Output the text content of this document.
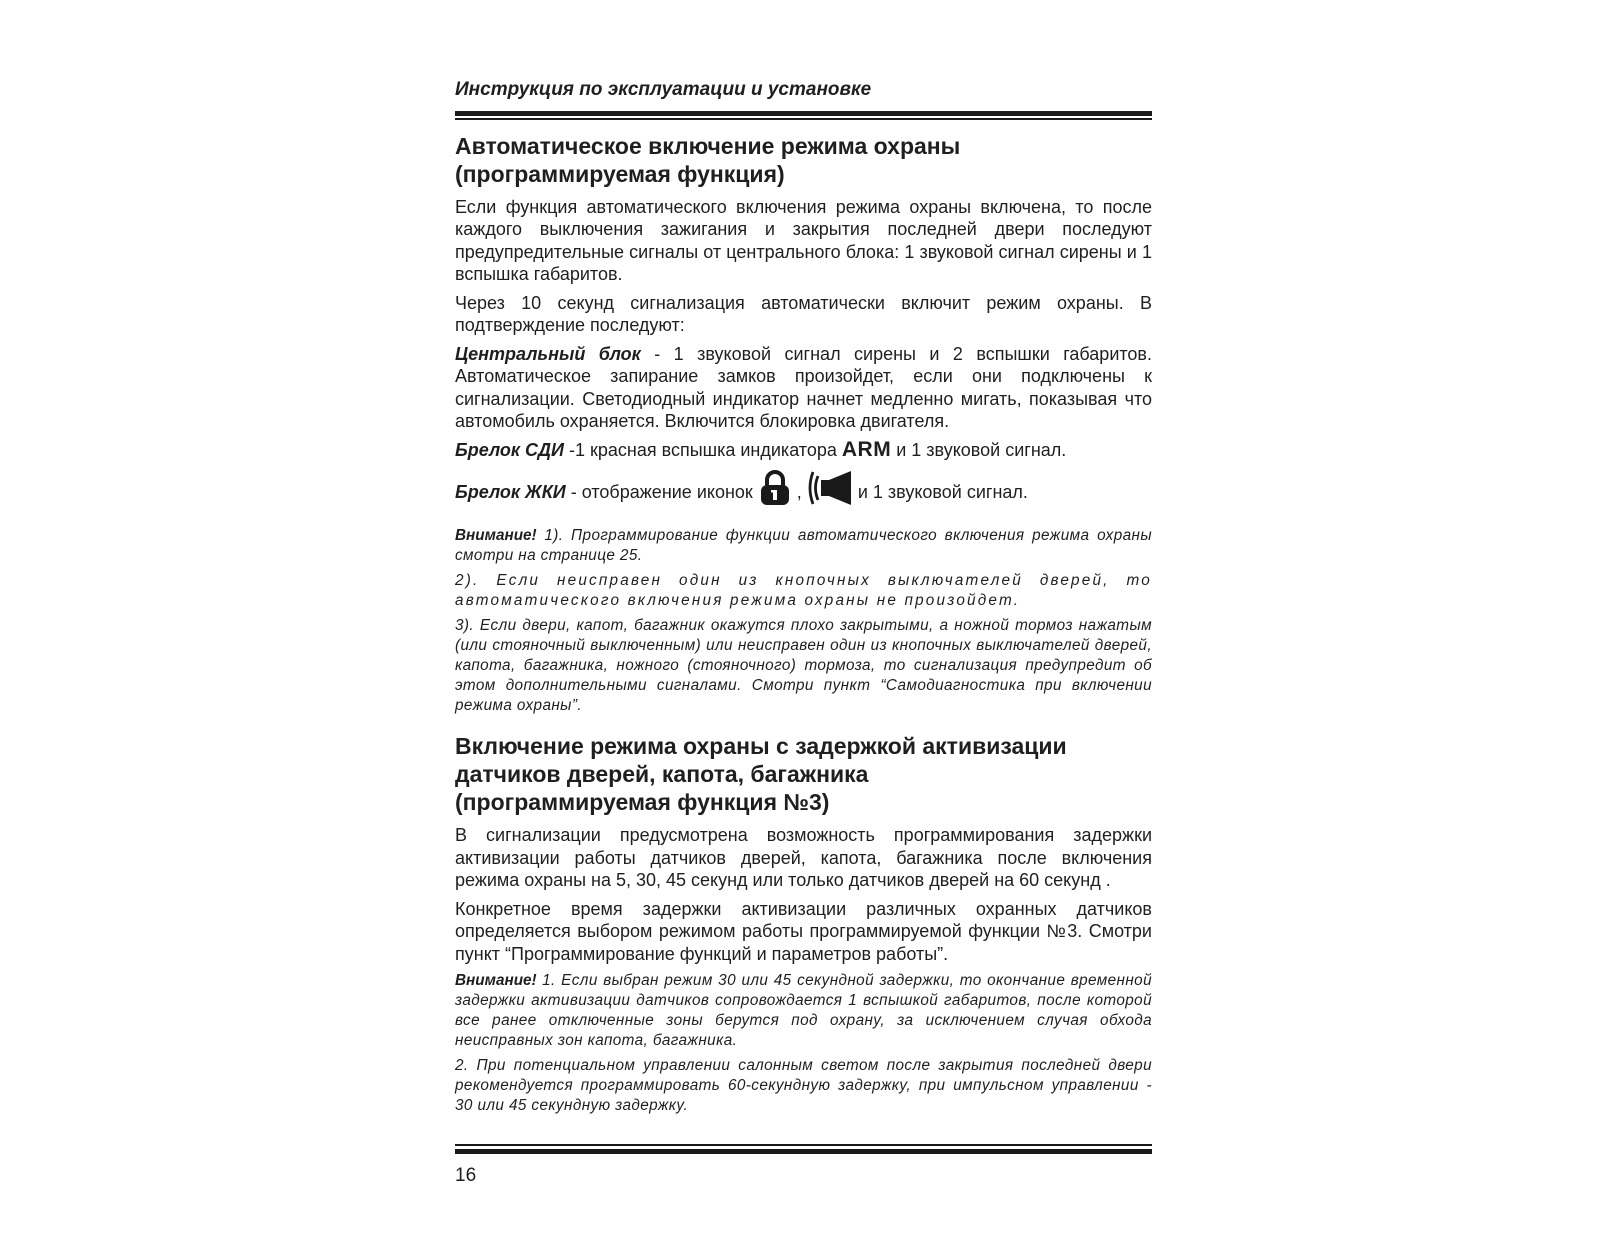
Инструкция по эксплуатации и установке
Автоматическое включение режима охраны
(программируемая функция)

Если функция автоматического включения режима охраны включена, то после каждого выключения зажигания и закрытия последней двери последуют предупредительные сигналы от центрального блока: 1 звуковой сигнал сирены и 1 вспышка габаритов.

Через 10 секунд сигнализация автоматически включит режим охраны. В подтверждение последуют:

Центральный блок - 1 звуковой сигнал сирены и 2 вспышки габаритов. Автоматическое запирание замков произойдет, если они подключены к сигнализации. Светодиодный индикатор начнет медленно мигать, показывая что автомобиль охраняется. Включится блокировка двигателя.

Брелок СДИ -1 красная вспышка индикатора ARM и 1 звуковой сигнал.

Брелок ЖКИ - отображение иконок  ,	и 1 звуковой сигнал.

Внимание! 1). Программирование функции автоматического включения режима охраны смотри на странице 25.

2). Если неисправен один из кнопочных выключателей дверей, то автоматического включения режима охраны не произойдет.

3). Если двери, капот, багажник окажутся плохо закрытыми, а ножной тормоз нажатым (или стояночный выключенным) или неисправен один из кнопочных выключателей дверей, капота, багажника, ножного (стояночного) тормоза, то сигнализация предупредит об этом дополнительными сигналами. Смотри пункт “Самодиагностика при включении режима охраны”.

Включение режима охраны с задержкой активизации
датчиков дверей, капота, багажника
(программируемая функция №3)

В сигнализации предусмотрена возможность программирования задержки активизации работы датчиков дверей, капота, багажника после включения режима охраны на 5, 30, 45 секунд или только датчиков дверей на 60 секунд .

Конкретное время задержки активизации различных охранных датчиков определяется выбором режимом работы программируемой функции №3. Смотри пункт “Программирование функций и параметров работы”.

Внимание! 1. Если выбран режим 30 или 45 секундной задержки, то окончание временной задержки активизации датчиков сопровождается 1 вспышкой габаритов, после которой все ранее отключенные зоны берутся под охрану, за исключением случая обхода неисправных зон капота, багажника.

2. При потенциальном управлении салонным светом после закрытия последней двери рекомендуется программировать 60-секундную задержку, при импульсном управлении - 30 или 45 секундную задержку.

16
